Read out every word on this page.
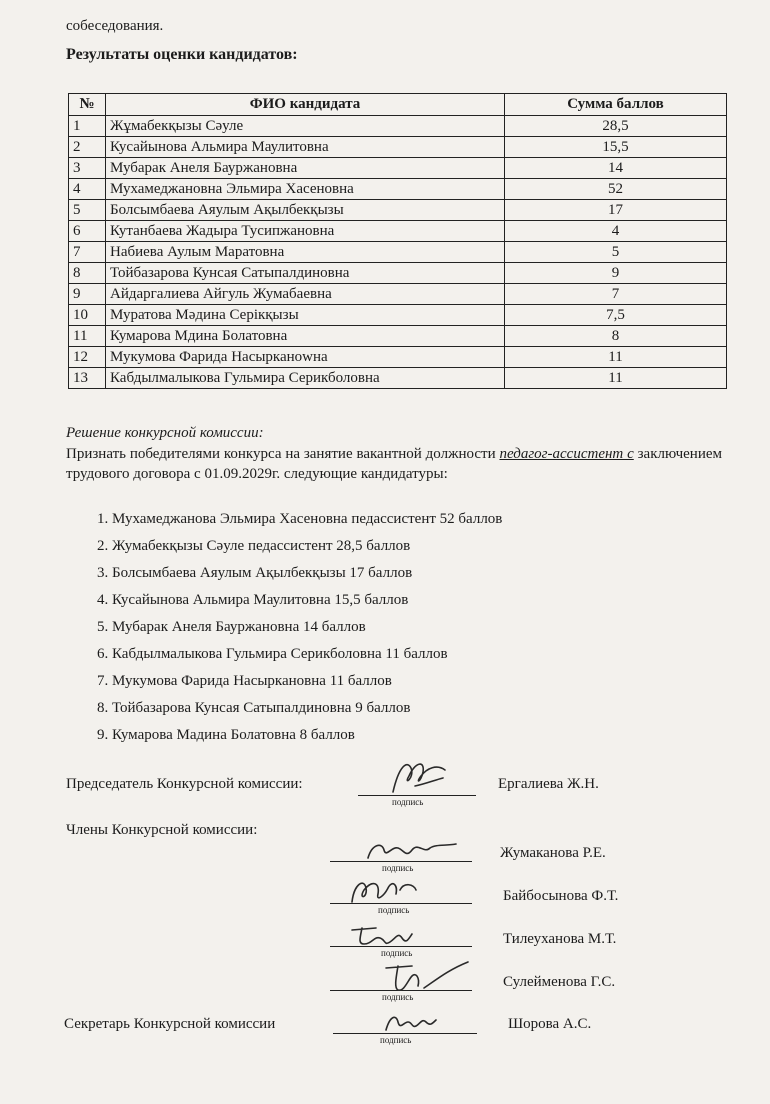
собеседования.
Результаты оценки кандидатов:
№	ФИО кандидата	Сумма баллов
1	Жұмабекқызы Сәуле	28,5
2	Кусайынова Альмира Маулитовна	15,5
3	Мубарак Анеля Бауржановна	14
4	Мухамеджановна Эльмира Хасеновна	52
5	Болсымбаева Аяулым Ақылбекқызы	17
6	Кутанбаева Жадыра Тусипжановна	4
7	Набиева Аулым Маратовна	5
8	Тойбазарова Кунсая Сатыпалдиновна	9
9	Айдаргалиева Айгуль Жумабаевна	7
10	Муратова Мәдина Серікқызы	7,5
11	Кумарова Мдина Болатовна	8
12	Мукумова Фарида Насырканowна	11
13	Кабдылмалыкова Гульмира Серикболовна	11
Решение конкурсной комиссии:
Признать победителями конкурса на занятие вакантной должности педагог-ассистент с заключением трудового договора с 01.09.2029г. следующие кандидатуры:
1. Мухамеджанова Эльмира Хасеновна педассистент 52 баллов
2. Жумабекқызы Сәуле педассистент 28,5 баллов
3. Болсымбаева Аяулым Ақылбекқызы 17 баллов
4. Кусайынова Альмира Маулитовна 15,5 баллов
5. Мубарак Анеля Бауржановна 14 баллов
6. Кабдылмалыкова Гульмира Серикболовна 11 баллов
7. Мукумова Фарида Насыркановна 11 баллов
8. Тойбазарова Кунсая Сатыпалдиновна 9 баллов
9. Кумарова Мадина Болатовна 8 баллов
Председатель Конкурсной комиссии:
подпись
Ергалиева Ж.Н.
Члены Конкурсной комиссии:
подпись
Жумаканова Р.Е.
подпись
Байбосынова Ф.Т.
подпись
Тилеуханова М.Т.
подпись
Сулейменова Г.С.
Секретарь Конкурсной комиссии
подпись
Шорова А.С.
